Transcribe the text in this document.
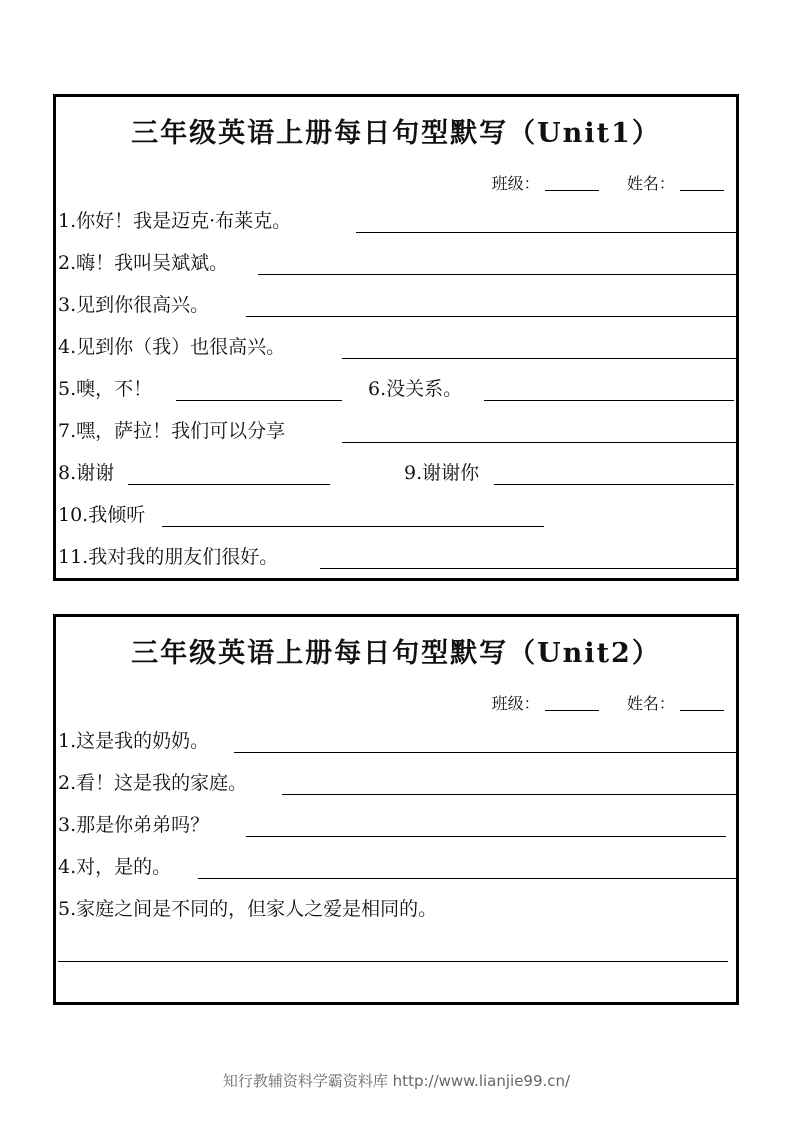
三年级英语上册每日句型默写（Unit1）
班级：	姓名：
1.你好！我是迈克·布莱克。
2.嗨！我叫吴斌斌。
3.见到你很高兴。
4.见到你（我）也很高兴。
5.噢，不！	6.没关系。
7.嘿，萨拉！我们可以分享
8.谢谢	9.谢谢你
10.我倾听
11.我对我的朋友们很好。
三年级英语上册每日句型默写（Unit2）
班级：	姓名：
1.这是我的奶奶。
2.看！这是我的家庭。
3.那是你弟弟吗？
4.对，是的。
5.家庭之间是不同的，但家人之爱是相同的。
知行教辅资料学霸资料库 http://www.lianjie99.cn/
